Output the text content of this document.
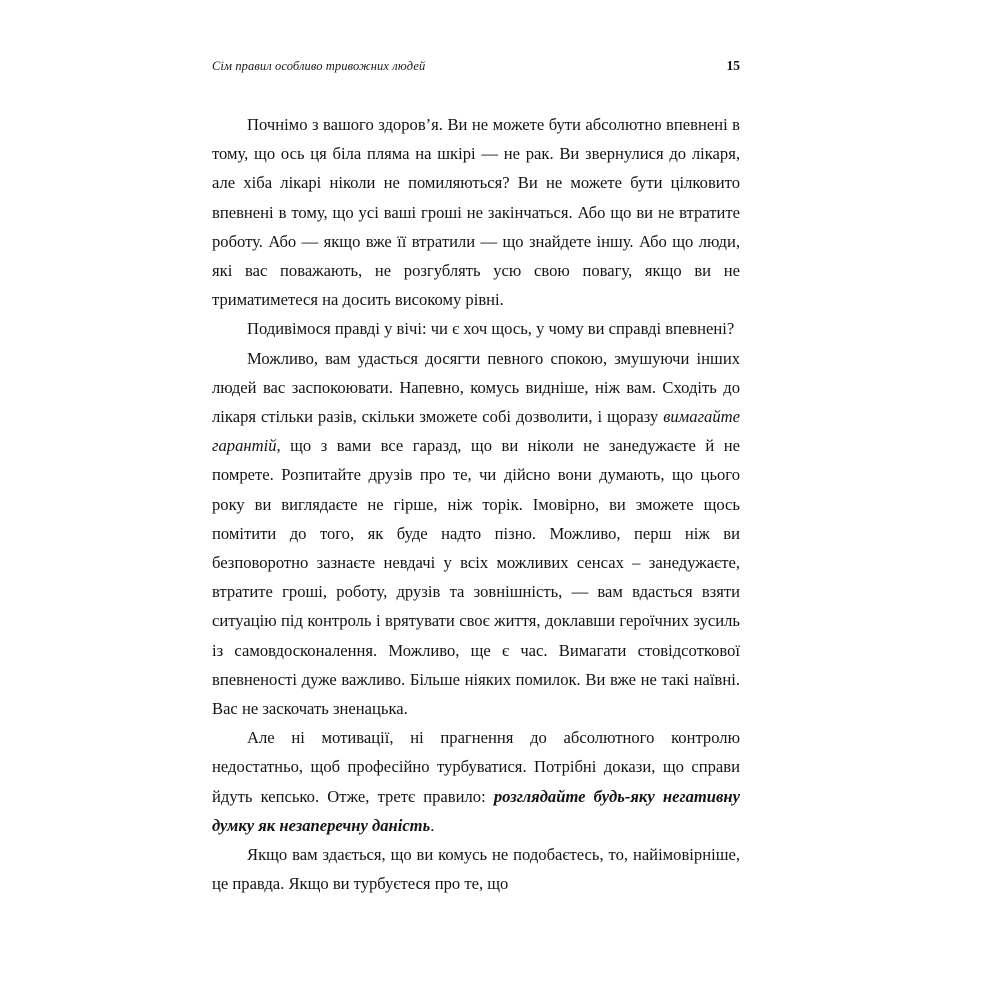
Сім правил особливо тривожних людей	15

Почнімо з вашого здоров’я. Ви не можете бути абсолютно впевнені в тому, що ось ця біла пляма на шкірі — не рак. Ви звернулися до лікаря, але хіба лікарі ніколи не помиляються? Ви не можете бути цілковито впевнені в тому, що усі ваші гроші не закінчаться. Або що ви не втратите роботу. Або — якщо вже її втратили — що знайдете іншу. Або що люди, які вас поважають, не розгублять усю свою повагу, якщо ви не триматиметеся на досить високому рівні.

Подивімося правді у вічі: чи є хоч щось, у чому ви справді впевнені?

Можливо, вам удасться досягти певного спокою, змушуючи інших людей вас заспокоювати. Напевно, комусь видніше, ніж вам. Сходіть до лікаря стільки разів, скільки зможете собі дозволити, і щоразу вимагайте гарантій, що з вами все гаразд, що ви ніколи не занедужаєте й не помрете. Розпитайте друзів про те, чи дійсно вони думають, що цього року ви виглядаєте не гірше, ніж торік. Імовірно, ви зможете щось помітити до того, як буде надто пізно. Можливо, перш ніж ви безповоротно зазнаєте невдачі у всіх можливих сенсах – занедужаєте, втратите гроші, роботу, друзів та зовнішність, — вам вдасться взяти ситуацію під контроль і врятувати своє життя, доклавши героїчних зусиль із самовдосконалення. Можливо, ще є час. Вимагати стовідсоткової впевненості дуже важливо. Більше ніяких помилок. Ви вже не такі наївні. Вас не заскочать зненацька.

Але ні мотивації, ні прагнення до абсолютного контролю недостатньо, щоб професійно турбуватися. Потрібні докази, що справи йдуть кепсько. Отже, третє правило: розглядайте будь-яку негативну думку як незаперечну даність.

Якщо вам здається, що ви комусь не подобаєтесь, то, найімовірніше, це правда. Якщо ви турбуєтеся про те, що
